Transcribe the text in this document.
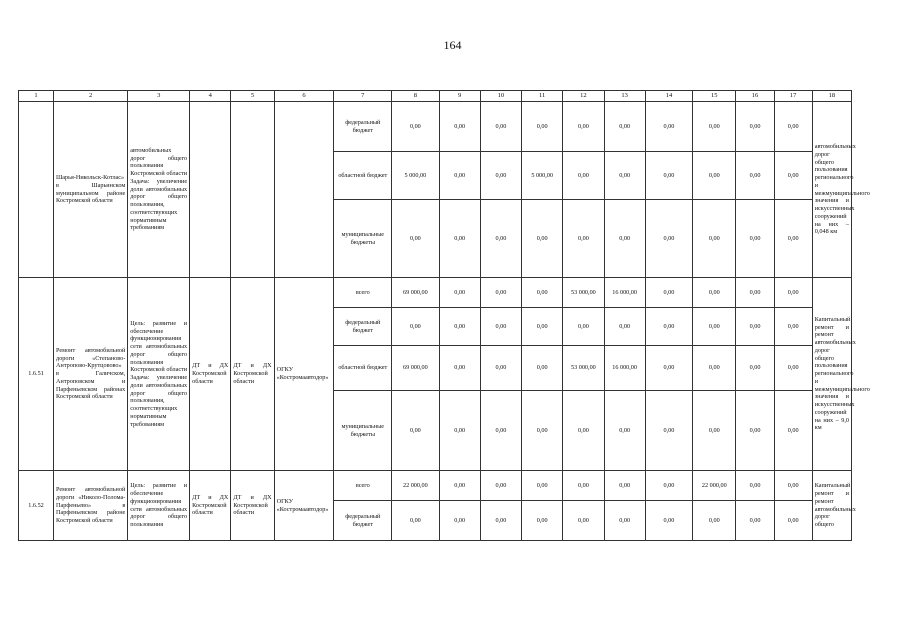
164
1	2	3	4	5	6	7	8	9	10	11	12	13	14	15	16	17	18
	Шарья-Никольск-Котлас» в Шарьинском муниципальном районе Костромской области	автомобильных дорог общего пользования Костромской области Задача: увеличение доли автомобильных дорог общего пользования, соответствующих нормативным требованиям				федеральный бюджет	0,00	0,00	0,00	0,00	0,00	0,00	0,00	0,00	0,00	0,00	автомобильных дорог общего пользования регионального и межмуниципального значения и искусственных сооружений на них – 0,048 км
						областной бюджет	5 000,00	0,00	0,00	5 000,00	0,00	0,00	0,00	0,00	0,00	0,00	
						муниципальные бюджеты	0,00	0,00	0,00	0,00	0,00	0,00	0,00	0,00	0,00	0,00	
1.6.51	Ремонт автомобильной дороги «Степаново-Антропово-Крутцовово» в Галичском, Антроповском и Парфеньевском районах Костромской области	Цель: развитие и обеспечение функционирования сети автомобильных дорог общего пользования Костромской области Задача: увеличение доли автомобильных дорог общего пользования, соответствующих нормативным требованиям	ДТ и ДХ Костромской области	ДТ и ДХ Костромской области	ОГКУ «Костромаавтодор»	всего	69 000,00	0,00	0,00	0,00	53 000,00	16 000,00	0,00	0,00	0,00	0,00	Капитальный ремонт и ремонт автомобильных дорог общего пользования регионального и межмуниципального значения и искусственных сооружений на них – 9,0 км
						федеральный бюджет	0,00	0,00	0,00	0,00	0,00	0,00	0,00	0,00	0,00	0,00	
						областной бюджет	69 000,00	0,00	0,00	0,00	53 000,00	16 000,00	0,00	0,00	0,00	0,00	
						муниципальные бюджеты	0,00	0,00	0,00	0,00	0,00	0,00	0,00	0,00	0,00	0,00	
1.6.52	Ремонт автомобильной дороги «Николо-Полома-Парфеньево» в Парфеньевском районе Костромской области	Цель: развитие и обеспечение функционирования сети автомобильных дорог общего пользования	ДТ и ДХ Костромской области	ДТ и ДХ Костромской области	ОГКУ «Костромаавтодор»	всего	22 000,00	0,00	0,00	0,00	0,00	0,00	0,00	22 000,00	0,00	0,00	Капитальный ремонт и ремонт автомобильных дорог общего
						федеральный бюджет	0,00	0,00	0,00	0,00	0,00	0,00	0,00	0,00	0,00	0,00	
